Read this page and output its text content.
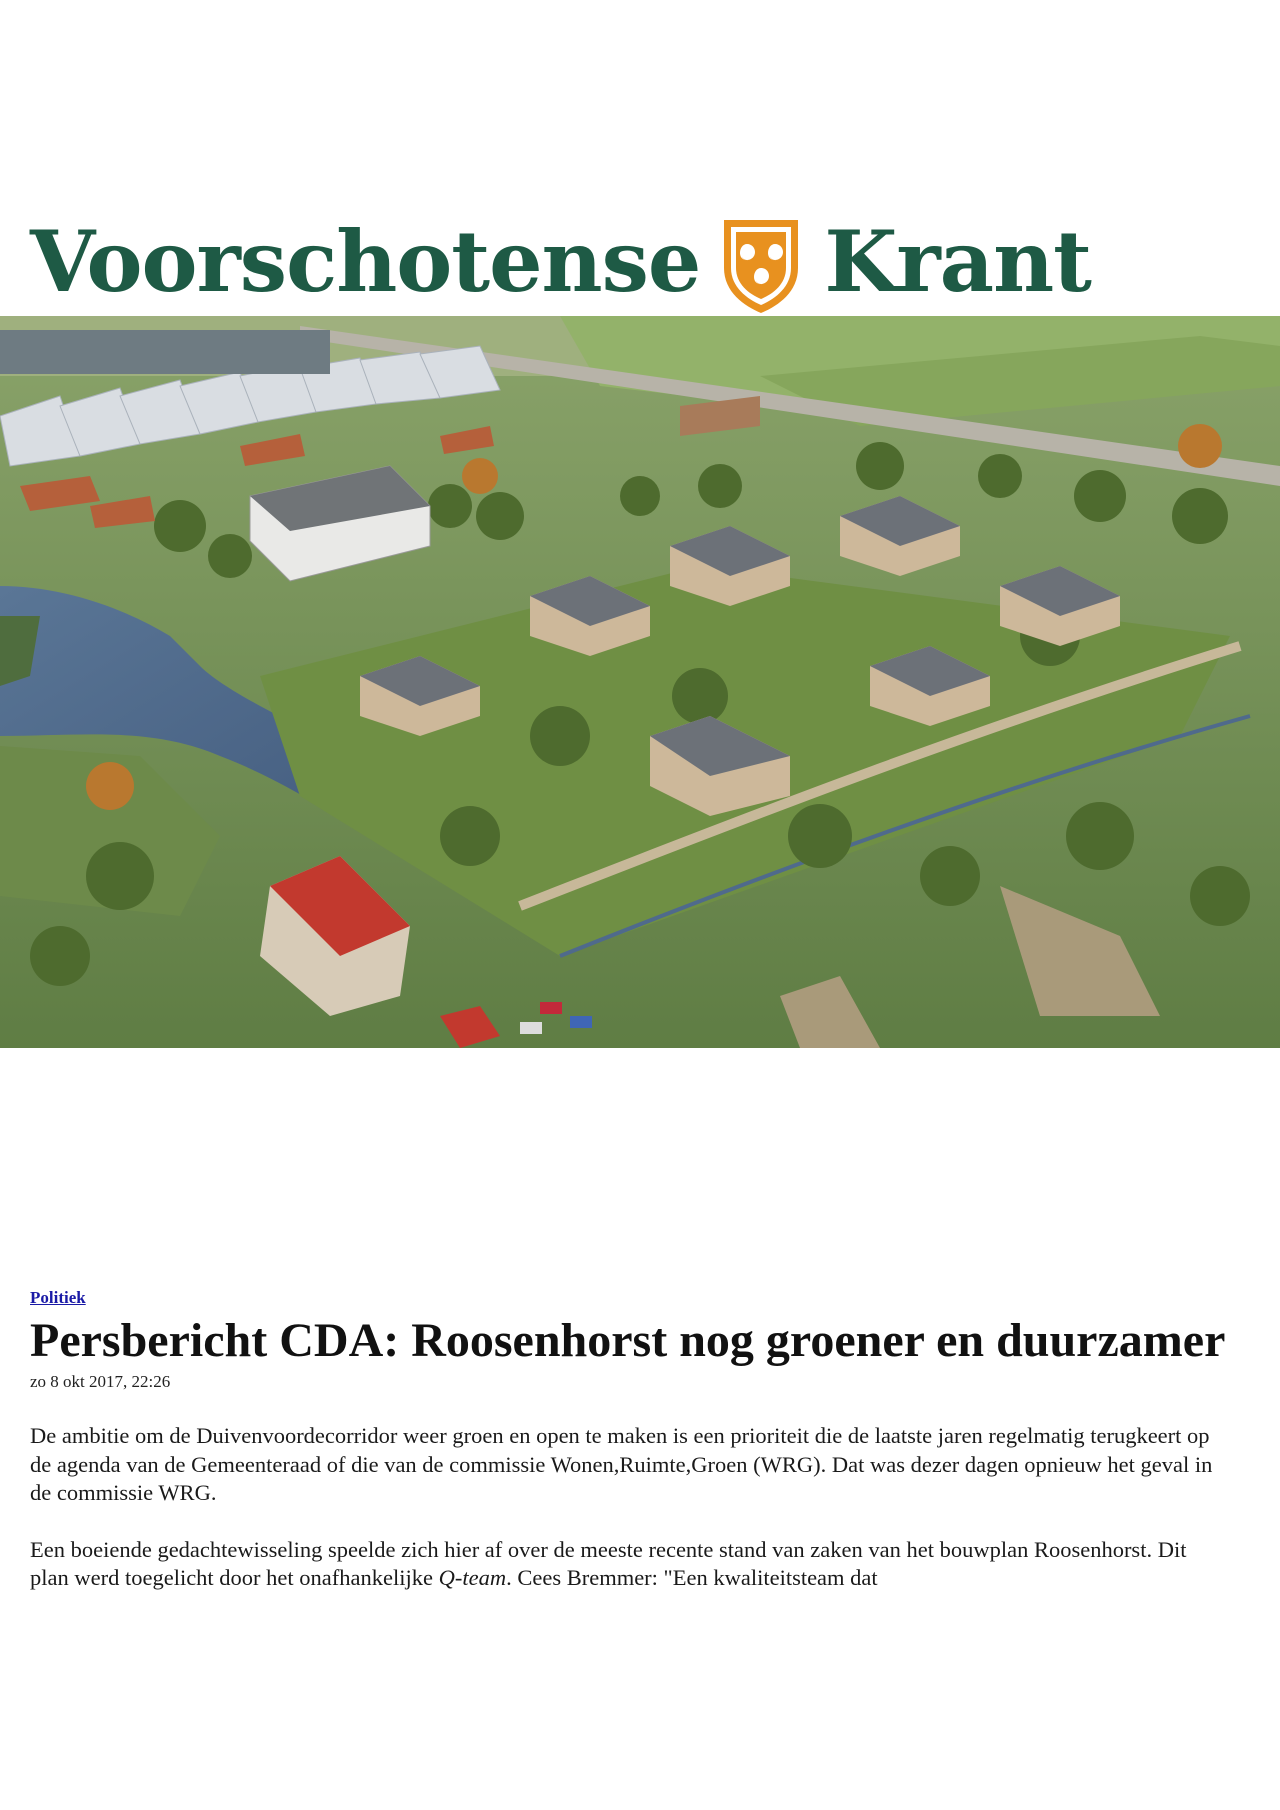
Voorschotense Krant
Politiek
Persbericht CDA: Roosenhorst nog groener en duurzamer
zo 8 okt 2017, 22:26

De ambitie om de Duivenvoordecorridor weer groen en open te maken is een prioriteit die de laatste jaren regelmatig terugkeert op de agenda van de Gemeenteraad of die van de commissie Wonen,Ruimte,Groen (WRG). Dat was dezer dagen opnieuw het geval in de commissie WRG.

Een boeiende gedachtewisseling speelde zich hier af over de meeste recente stand van zaken van het bouwplan Roosenhorst. Dit plan werd toegelicht door het onafhankelijke Q-team. Cees Bremmer: "Een kwaliteitsteam dat
